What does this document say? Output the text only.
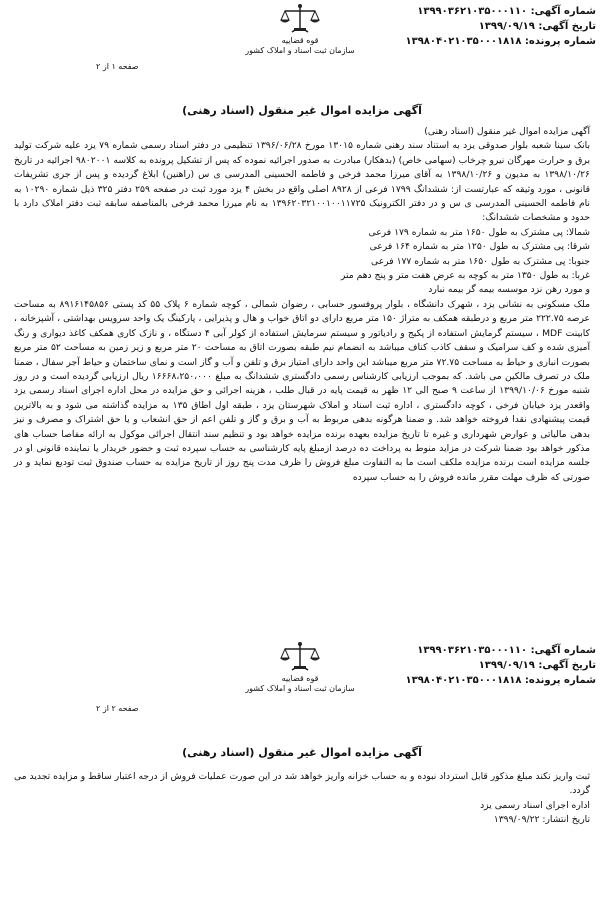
شماره آگهی: ۱۳۹۹۰۳۶۲۱۰۳۵۰۰۰۱۱۰
تاریخ آگهی: ۱۳۹۹/۰۹/۱۹
شماره پرونده: ۱۳۹۸۰۴۰۲۱۰۳۵۰۰۰۱۸۱۸
قوه قضاییه
سازمان ثبت اسناد و املاک کشور
صفحه ۱ از ۲
آگهی مزایده اموال غیر منقول (اسناد رهنی)

آگهی مزایده اموال غیر منقول (اسناد رهنی)

بانک سینا شعبه بلوار صدوقی یزد به استناد سند رهنی شماره ۱۳۰۱۵ مورخ ۱۳۹۶/۰۶/۲۸ تنظیمی در دفتر اسناد رسمی شماره ۷۹ یزد علیه شرکت تولید برق و حرارت مهرگان نیرو چرخاب (سهامی خاص) (بدهکار) مبادرت به صدور اجرائیه نموده که پس از تشکیل پرونده به کلاسه ۹۸۰۲۰۰۱ اجرائیه در تاریخ ۱۳۹۸/۱۰/۲۶ به مدیون و ۱۳۹۸/۱۰/۲۶ به آقای میرزا محمد فرخی و فاطمه الحسینی المدرسی ی س (راهنین) ابلاغ گردیده و پس از جری تشریفات قانونی ، مورد وثیقه که عبارتست از: ششدانگ ۱۷۹۹ فرعی از ۸۹۲۸ اصلی واقع در بخش ۴ یزد مورد ثبت در صفحه ۲۵۹ دفتر ۳۲۵ ذیل شماره ۱۰۲۹۰ به نام فاطمه الحسینی المدرسی ی س و در دفتر الکترونیک ۱۳۹۶۲۰۳۲۱۰۰۱۰۰۱۱۷۲۵ به نام میرزا محمد فرخی بالمناصفه سابقه ثبت دفتر املاک دارد با حدود و مشخصات ششدانگ:

شمالا: پی مشترک به طول ۱۶۵۰ متر به شماره ۱۷۹ فرعی

شرقا: پی مشترک به طول ۱۲۵۰ متر به شماره ۱۶۴ فرعی

جنوبا: پی مشترک به طول ۱۶۵۰ متر به شماره ۱۷۷ فرعی

غربا: به طول ۱۳۵۰ متر به کوچه به عرض هفت متر و پنج دهم متر

و مورد رهن نزد موسسه بیمه گر بیمه نبارد

ملک مسکونی به نشانی یزد ، شهرک دانشگاه ، بلوار پروفسور حسابی ، رضوان شمالی ، کوچه شماره ۶ پلاک ۵۵ کد پستی ۸۹۱۶۱۴۵۸۵۶ به مساحت عرصه ۲۲۲.۷۵ متر مربع و درطبقه همکف به متراژ ۱۵۰ متر مربع دارای دو اتاق خواب و هال و پذیرایی ، پارکینگ یک واحد سرویس بهداشتی ، آشپزخانه ، کابینت MDF ، سیستم گرمایش استفاده از پکیج و رادیاتور و سیستم سرمایش استفاده از کولر آبی ۴ دستگاه ، و نازک کاری همکف کاغذ دیواری و رنگ آمیزی شده و کف سرامیک و سقف کاذب کناف میباشد به انضمام نیم طبقه بصورت اتاق به مساحت ۲۰ متر مربع و زیر زمین به مساحت ۵۲ متر مربع بصورت انباری و حیاط به مساحت ۷۲.۷۵ متر مربع میباشد این واحد دارای امتیاز برق و تلفن و آب و گاز است و نمای ساختمان و حیاط آجر سفال ، ضمنا ملک در تصرف مالکین می باشد. که بموجب ارزیابی کارشناس رسمی دادگستری ششدانگ به مبلغ ۱۶۶۶۸،۲۵۰،۰۰۰ ریال ارزیابی گردیده است و در روز شنبه مورخ ۱۳۹۹/۱۰/۰۶ از ساعت ۹ صبح الی ۱۲ ظهر به قیمت پایه در قبال طلب ، هزینه اجرائی و حق مزایده در محل اداره اجرای اسناد رسمی یزد واقعدر یزد خیابان فرخی ، کوچه دادگستری ، اداره ثبت اسناد و املاک شهرستان یزد ، طبقه اول اطاق ۱۳۵ به مزایده گذاشته می شود و به بالاترین قیمت پیشنهادی نقدا فروخته خواهد شد. و ضمنا هرگونه بدهی مربوط به آب و برق و گاز و تلفن اعم از حق انشعاب و یا حق اشتراک و مصرف و نیز بدهی مالیاتی و عوارض شهرداری و غیره تا تاریخ مزایده بعهده برنده مزایده خواهد بود و تنظیم سند انتقال اجرائی موکول به ارائه مفاصا حساب های مذکور خواهد بود ضمنا شرکت در مزاید منوط به پرداخت ده درصد ازمبلغ پایه کارشناسی به حساب سپرده ثبت و حضور خریدار یا نماینده قانونی او در جلسه مزایده است برنده مزایده ملکف است ما به التفاوت مبلغ فروش را ظرف مدت پنج روز از تاریخ مزایده به حساب صندوق ثبت تودیع نماید و در صورتی که ظرف مهلت مقرر مانده فروش را به حساب سپرده

شماره آگهی: ۱۳۹۹۰۳۶۲۱۰۳۵۰۰۰۱۱۰
تاریخ آگهی: ۱۳۹۹/۰۹/۱۹
شماره پرونده: ۱۳۹۸۰۴۰۲۱۰۳۵۰۰۰۱۸۱۸
قوه قضاییه
سازمان ثبت اسناد و املاک کشور
صفحه ۲ از ۲
آگهی مزایده اموال غیر منقول (اسناد رهنی)

ثبت واریز نکند مبلغ مذکور قابل استرداد نبوده و به حساب خزانه واریز خواهد شد در این صورت عملیات فروش از درجه اعتبار ساقط و مزایده تجدید می گردد.

اداره اجرای اسناد رسمی یزد

تاریخ انتشار: ۱۳۹۹/۰۹/۲۲
